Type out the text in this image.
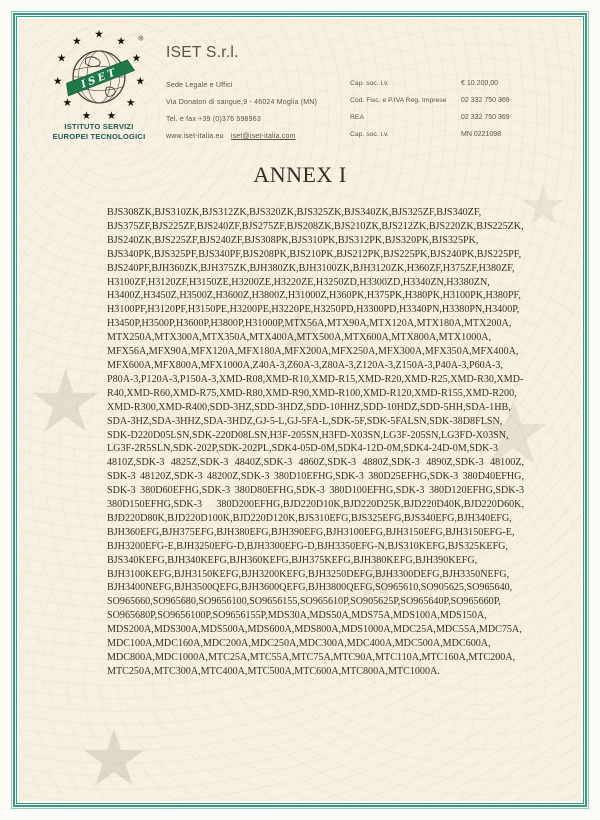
★
★
★
★
★
★
★
★
★
★
★
★
★
★
★
★
★	®
ISET
ISTITUTO SERVIZI
EUROPEI TECNOLOGICI
ISET S.r.l.
Sede Legale e Uffici
Via Donatori di sangue,9 - 46024 Moglia (MN)
Tel. e fax +39 (0)376 598963
www.iset-italia.eu iset@iset-italia.com
Cap. soc. i.v.	€ 10.200,00
Cod. Fisc. e P.IVA Reg. Imprese 02 332 750 369
REA	02 332 750 369
Cap. soc. i.v.	MN 0221098
ANNEX I
BJS308ZK,​BJS310ZK,​BJS312ZK,​BJS320ZK,​BJS325ZK,​BJS340ZK,​BJS325ZF,​BJS340ZF,​BJS375ZF,​BJS225ZF,​BJS240ZF,​BJS275ZF,​BJS208ZK,​BJS210ZK,​BJS212ZK,​BJS220ZK,​BJS225ZK,​BJS240ZK,​BJS225ZF,​BJS240ZF,​BJS308PK,​BJS310PK,​BJS312PK,​BJS320PK,​BJS325PK,​BJS340PK,​BJS325PF,​BJS340PF,​BJS208PK,​BJS210PK,​BJS212PK,​BJS225PK,​BJS240PK,​BJS225PF,​BJS240PF,​BJH360ZK,​BJH375ZK,​BJH380ZK,​BJH3100ZK,​BJH3120ZK,​H360ZF,​H375ZF,​H380ZF,​H3100ZF,​H3120ZF,​H3150ZE,​H3200ZE,​H3220ZE,​H3250ZD,​H3300ZD,​H3340ZN,​H3380ZN,​H3400Z,​H3450Z,​H3500Z,​H3600Z,​H3800Z,​H31000Z,​H360PK,​H375PK,​H380PK,​H3100PK,​H380PF,​H3100PF,​H3120PF,​H3150PE,​H3200PE,​H3220PE,​H3250PD,​H3300PD,​H3340PN,​H3380PN,​H3400P,​H3450P,​H3500P,​H3600P,​H3800P,​H31000P,​MTX56A,​MTX90A,​MTX120A,​MTX180A,​MTX200A,​MTX250A,​MTX300A,​MTX350A,​MTX400A,​MTX500A,​MTX600A,​MTX800A,​MTX1000A,​MFX56A,​MFX90A,​MFX120A,​MFX180A,​MFX200A,​MFX250A,​MFX300A,​MFX350A,​MFX400A,​MFX600A,​MFX800A,​MFX1000A,​Z40A-3,​Z60A-3,​Z80A-3,​Z120A-3,​Z150A-3,​P40A-3,​P60A-3,​P80A-3,​P120A-3,​P150A-3,​XMD-R08,​XMD-R10,​XMD-R15,​XMD-R20,​XMD-R25,​XMD-R30,​XMD-R40,​XMD-R60,​XMD-R75,​XMD-R80,​XMD-R90,​XMD-R100,​XMD-R120,​XMD-R155,​XMD-R200,​XMD-R300,​XMD-R400,​SDD-3HZ,​SDD-3HDZ,​SDD-10HHZ,​SDD-10HDZ,​SDD-5HH,​SDA-1HB,​SDA-3HZ,​SDA-3HHZ,​SDA-3HDZ,​GJ-5-L,​GJ-5FA-L,​SDK-5F,​SDK-5FALSN,​SDK-38D8FLSN,​SDK-D220D05LSN,​SDK-220D08LSN,​H3F-205SN,​H3FD-X03SN,​LG3F-205SN,​LG3FD-X03SN,​LG3F-2R5SLN,​SDK-202P,​SDK-202PL,​SDK4-05D-0M,​SDK4-12D-0M,​SDK4-24D-0M,​SDK-3 4810Z,​SDK-3 4825Z,​SDK-3 4840Z,​SDK-3 4860Z,​SDK-3 4880Z,​SDK-3 4890Z,​SDK-3 48100Z,​SDK-3 48120Z,​SDK-3 48200Z,​SDK-3 380D10EFHG,​SDK-3 380D25EFHG,​SDK-3 380D40EFHG,​SDK-3 380D60EFHG,​SDK-3 380D80EFHG,​SDK-3 380D100EFHG,​SDK-3 380D120EFHG,​SDK-3 380D150EFHG,​SDK-3 380D200EFHG,​BJD220D10K,​BJD220D25K,​BJD220D40K,​BJD220D60K,​BJD220D80K,​BJD220D100K,​BJD220D120K,​BJS310EFG,​BJS325EFG,​BJS340EFG,​BJH340EFG,​BJH360EFG,​BJH375EFG,​BJH380EFG,​BJH390EFG,​BJH3100EFG,​BJH3150EFG,​BJH3150EFG-E,​BJH3200EFG-E,​BJH3250EFG-D,​BJH3300EFG-D,​BJH3350EFG-N,​BJS310KEFG,​BJS325KEFG,​BJS340KEFG,​BJH340KEFG,​BJH360KEFG,​BJH375KEFG,​BJH380KEFG,​BJH390KEFG,​BJH3100KEFG,​BJH3150KEFG,​BJH3200KEFG,​BJH3250DEFG,​BJH3300DEFG,​BJH3350NEFG,​BJH3400NEFG,​BJH3500QEFG,​BJH3600QEFG,​BJH3800QEFG,​SO965610,​SO905625,​SO965640,​SO965660,​SO965680,​SO9656100,​SO9656155,​SO965610P,​SO905625P,​SO965640P,​SO965660P,​SO965680P,​SO9656100P,​SO9656155P,​MDS30A,​MDS50A,​MDS75A,​MDS100A,​MDS150A,​MDS200A,​MDS300A,​MDS500A,​MDS600A,​MDS800A,​MDS1000A,​MDC25A,​MDC55A,​MDC75A,​MDC100A,​MDC160A,​MDC200A,​MDC250A,​MDC300A,​MDC400A,​MDC500A,​MDC600A,​MDC800A,​MDC1000A,​MTC25A,​MTC55A,​MTC75A,​MTC90A,​MTC110A,​MTC160A,​MTC200A,​MTC250A,​MTC300A,​MTC400A,​MTC500A,​MTC600A,​MTC800A,​MTC1000A.
